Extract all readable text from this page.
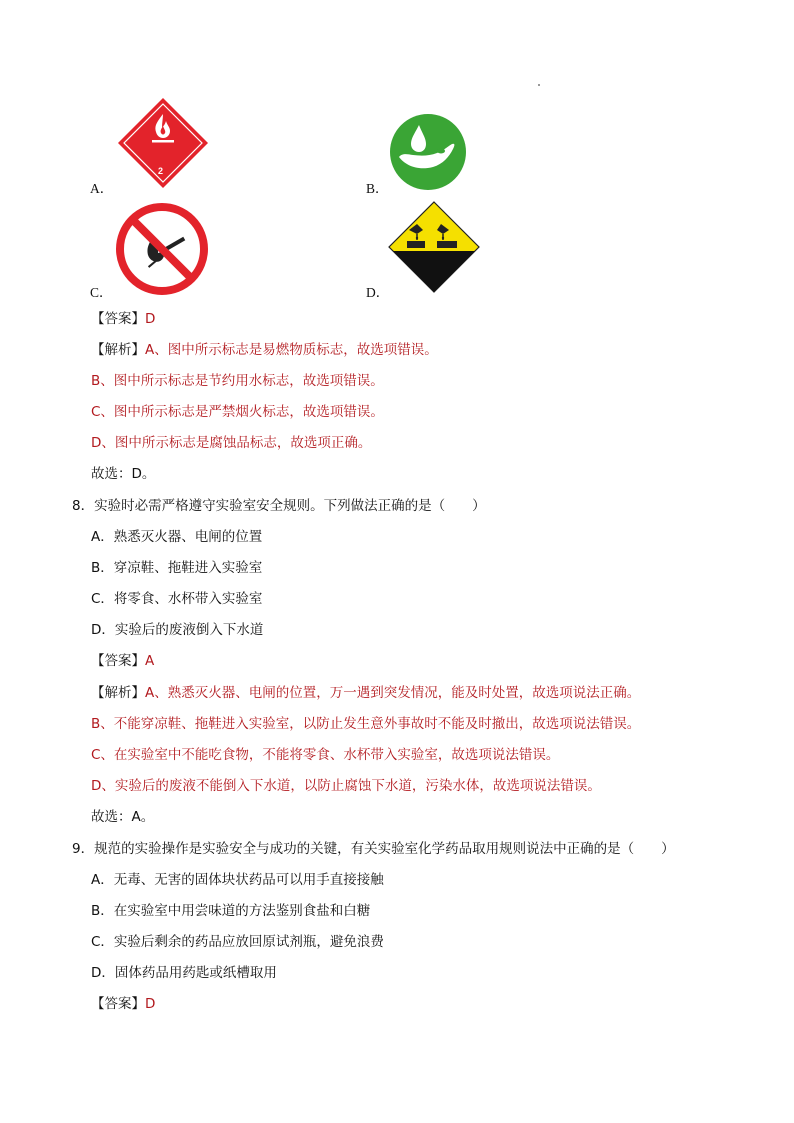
2
A．	B．
C．	D．
【答案】D
【解析】A、图中所示标志是易燃物质标志，故选项错误。
B、图中所示标志是节约用水标志，故选项错误。
C、图中所示标志是严禁烟火标志，故选项错误。
D、图中所示标志是腐蚀品标志，故选项正确。
故选：D。
8．实验时必需严格遵守实验室安全规则。下列做法正确的是（　　）
A．熟悉灭火器、电闸的位置
B．穿凉鞋、拖鞋进入实验室
C．将零食、水杯带入实验室
D．实验后的废液倒入下水道
【答案】A
【解析】A、熟悉灭火器、电闸的位置，万一遇到突发情况，能及时处置，故选项说法正确。
B、不能穿凉鞋、拖鞋进入实验室，以防止发生意外事故时不能及时撤出，故选项说法错误。
C、在实验室中不能吃食物，不能将零食、水杯带入实验室，故选项说法错误。
D、实验后的废液不能倒入下水道，以防止腐蚀下水道，污染水体，故选项说法错误。
故选：A。
9．规范的实验操作是实验安全与成功的关键，有关实验室化学药品取用规则说法中正确的是（　　）
A．无毒、无害的固体块状药品可以用手直接接触
B．在实验室中用尝味道的方法鉴别食盐和白糖
C．实验后剩余的药品应放回原试剂瓶，避免浪费
D．固体药品用药匙或纸槽取用
【答案】D
